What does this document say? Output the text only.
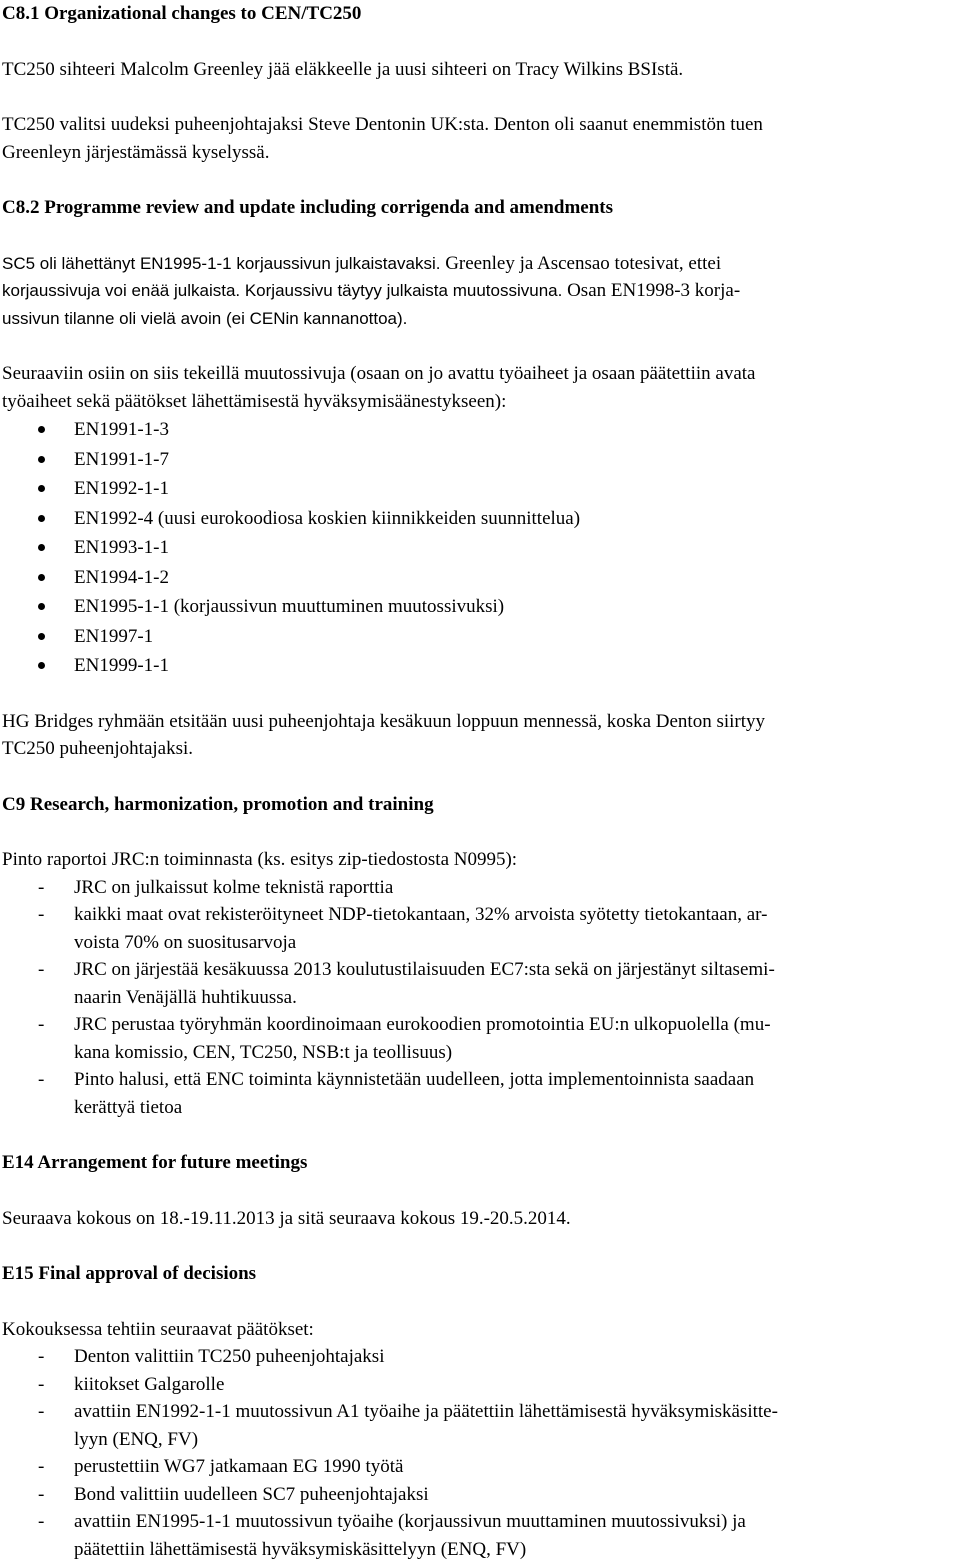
C8.1 Organizational changes to CEN/TC250

TC250 sihteeri Malcolm Greenley jää eläkkeelle ja uusi sihteeri on Tracy Wilkins BSIstä.

TC250 valitsi uudeksi puheenjohtajaksi Steve Dentonin UK:sta. Denton oli saanut enemmistön tuen
Greenleyn järjestämässä kyselyssä.

C8.2 Programme review and update including corrigenda and amendments

SC5 oli lähettänyt EN1995-1-1 korjaussivun julkaistavaksi. Greenley ja Ascensao totesivat, ettei
korjaussivuja voi enää julkaista. Korjaussivu täytyy julkaista muutossivuna. Osan EN1998-3 korja-
ussivun tilanne oli vielä avoin (ei CENin kannanottoa).

Seuraaviin osiin on siis tekeillä muutossivuja (osaan on jo avattu työaiheet ja osaan päätettiin avata
työaiheet sekä päätökset lähettämisestä hyväksymisäänestykseen):

EN1991-1-3
EN1991-1-7
EN1992-1-1
EN1992-4 (uusi eurokoodiosa koskien kiinnikkeiden suunnittelua)
EN1993-1-1
EN1994-1-2
EN1995-1-1 (korjaussivun muuttuminen muutossivuksi)
EN1997-1
EN1999-1-1

HG Bridges ryhmään etsitään uusi puheenjohtaja kesäkuun loppuun mennessä, koska Denton siirtyy
TC250 puheenjohtajaksi.

C9 Research, harmonization, promotion and training

Pinto raportoi JRC:n toiminnasta (ks. esitys zip-tiedostosta N0995):

- JRC on julkaissut kolme teknistä raporttia
- kaikki maat ovat rekisteröityneet NDP-tietokantaan, 32% arvoista syötetty tietokantaan, ar-
voista 70% on suositusarvoja
- JRC on järjestää kesäkuussa 2013 koulutustilaisuuden EC7:sta sekä on järjestänyt siltasemi-
naarin Venäjällä huhtikuussa.
- JRC perustaa työryhmän koordinoimaan eurokoodien promotointia EU:n ulkopuolella (mu-
kana komissio, CEN, TC250, NSB:t ja teollisuus)
- Pinto halusi, että ENC toiminta käynnistetään uudelleen, jotta implementoinnista saadaan
kerättyä tietoa

E14 Arrangement for future meetings

Seuraava kokous on 18.-19.11.2013 ja sitä seuraava kokous 19.-20.5.2014.

E15 Final approval of decisions

Kokouksessa tehtiin seuraavat päätökset:

- Denton valittiin TC250 puheenjohtajaksi
- kiitokset Galgarolle
- avattiin EN1992-1-1 muutossivun A1 työaihe ja päätettiin lähettämisestä hyväksymiskäsitte-
lyyn (ENQ, FV)
- perustettiin WG7 jatkamaan EG 1990 työtä
- Bond valittiin uudelleen SC7 puheenjohtajaksi
- avattiin EN1995-1-1 muutossivun työaihe (korjaussivun muuttaminen muutossivuksi) ja
päätettiin lähettämisestä hyväksymiskäsittelyyn (ENQ, FV)
